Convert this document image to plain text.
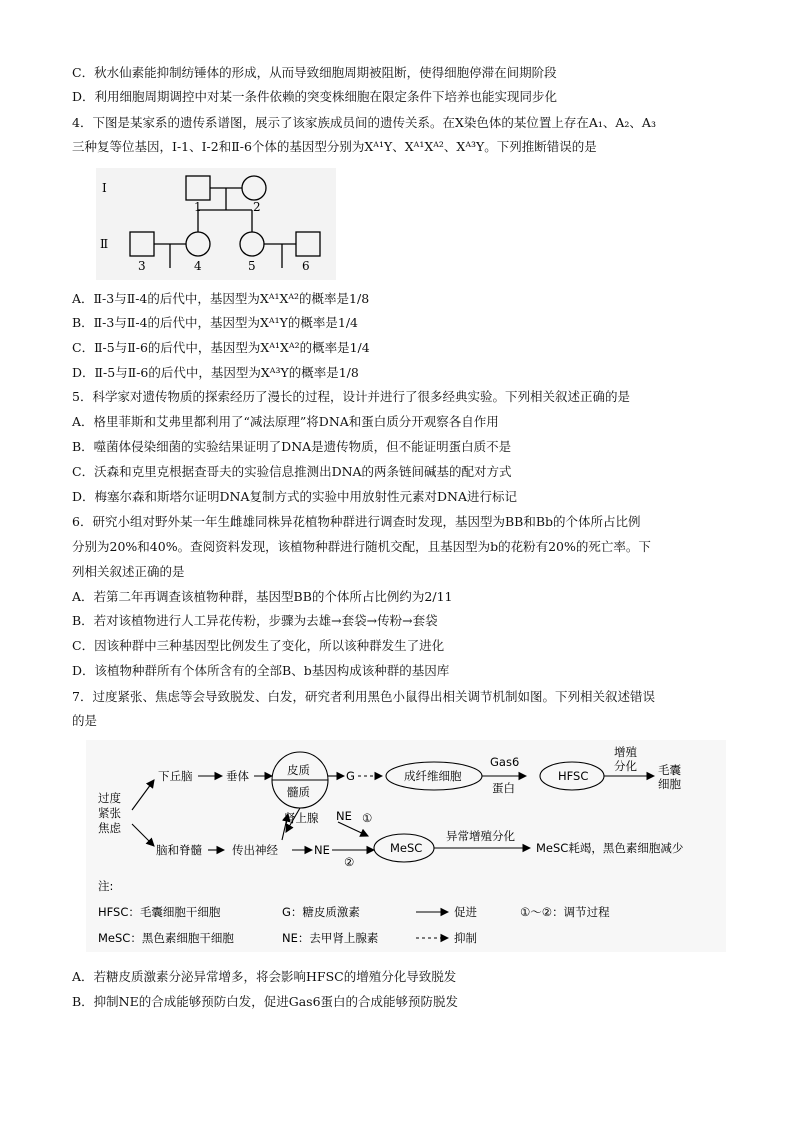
C．秋水仙素能抑制纺锤体的形成，从而导致细胞周期被阻断，使得细胞停滞在间期阶段
D．利用细胞周期调控中对某一条件依赖的突变株细胞在限定条件下培养也能实现同步化
4．下图是某家系的遗传系谱图，展示了该家族成员间的遗传关系。在X染色体的某位置上存在A₁、A₂、A₃
三种复等位基因，I-1、I-2和Ⅱ-6个体的基因型分别为Xᴬ¹Y、Xᴬ¹Xᴬ²、Xᴬ³Y。下列推断错误的是
I
Ⅱ
1	2
3	4	5	6
A．Ⅱ-3与Ⅱ-4的后代中，基因型为Xᴬ¹Xᴬ²的概率是1/8
B．Ⅱ-3与Ⅱ-4的后代中，基因型为Xᴬ¹Y的概率是1/4
C．Ⅱ-5与Ⅱ-6的后代中，基因型为Xᴬ¹Xᴬ²的概率是1/4
D．Ⅱ-5与Ⅱ-6的后代中，基因型为Xᴬ³Y的概率是1/8
5．科学家对遗传物质的探索经历了漫长的过程，设计并进行了很多经典实验。下列相关叙述正确的是
A．格里菲斯和艾弗里都利用了“减法原理”将DNA和蛋白质分开观察各自作用
B．噬菌体侵染细菌的实验结果证明了DNA是遗传物质，但不能证明蛋白质不是
C．沃森和克里克根据查哥夫的实验信息推测出DNA的两条链间碱基的配对方式
D．梅塞尔森和斯塔尔证明DNA复制方式的实验中用放射性元素对DNA进行标记
6．研究小组对野外某一年生雌雄同株异花植物种群进行调查时发现，基因型为BB和Bb的个体所占比例
分别为20%和40%。查阅资料发现，该植物种群进行随机交配，且基因型为b的花粉有20%的死亡率。下
列相关叙述正确的是
A．若第二年再调查该植物种群，基因型BB的个体所占比例约为2/11
B．若对该植物进行人工异花传粉，步骤为去雄→套袋→传粉→套袋
C．因该种群中三种基因型比例发生了变化，所以该种群发生了进化
D．该植物种群所有个体所含有的全部B、b基因构成该种群的基因库
7．过度紧张、焦虑等会导致脱发、白发，研究者利用黑色小鼠得出相关调节机制如图。下列相关叙述错误
的是
过度
紧张
焦虑
下丘脑	垂体	皮质
髓质
G	成纤维细胞
Gas6
蛋白
HFSC
增殖
分化 毛囊
细胞
肾上腺 NE ①
脑和脊髓	传出神经	NE
②
MeSC
异常增殖分化
MeSC耗竭，黑色素细胞减少
注:
HFSC：毛囊细胞干细胞	G：糖皮质激素	促进	①～②：调节过程
MeSC：黑色素细胞干细胞	NE：去甲肾上腺素	抑制
A．若糖皮质激素分泌异常增多，将会影响HFSC的增殖分化导致脱发
B．抑制NE的合成能够预防白发，促进Gas6蛋白的合成能够预防脱发
